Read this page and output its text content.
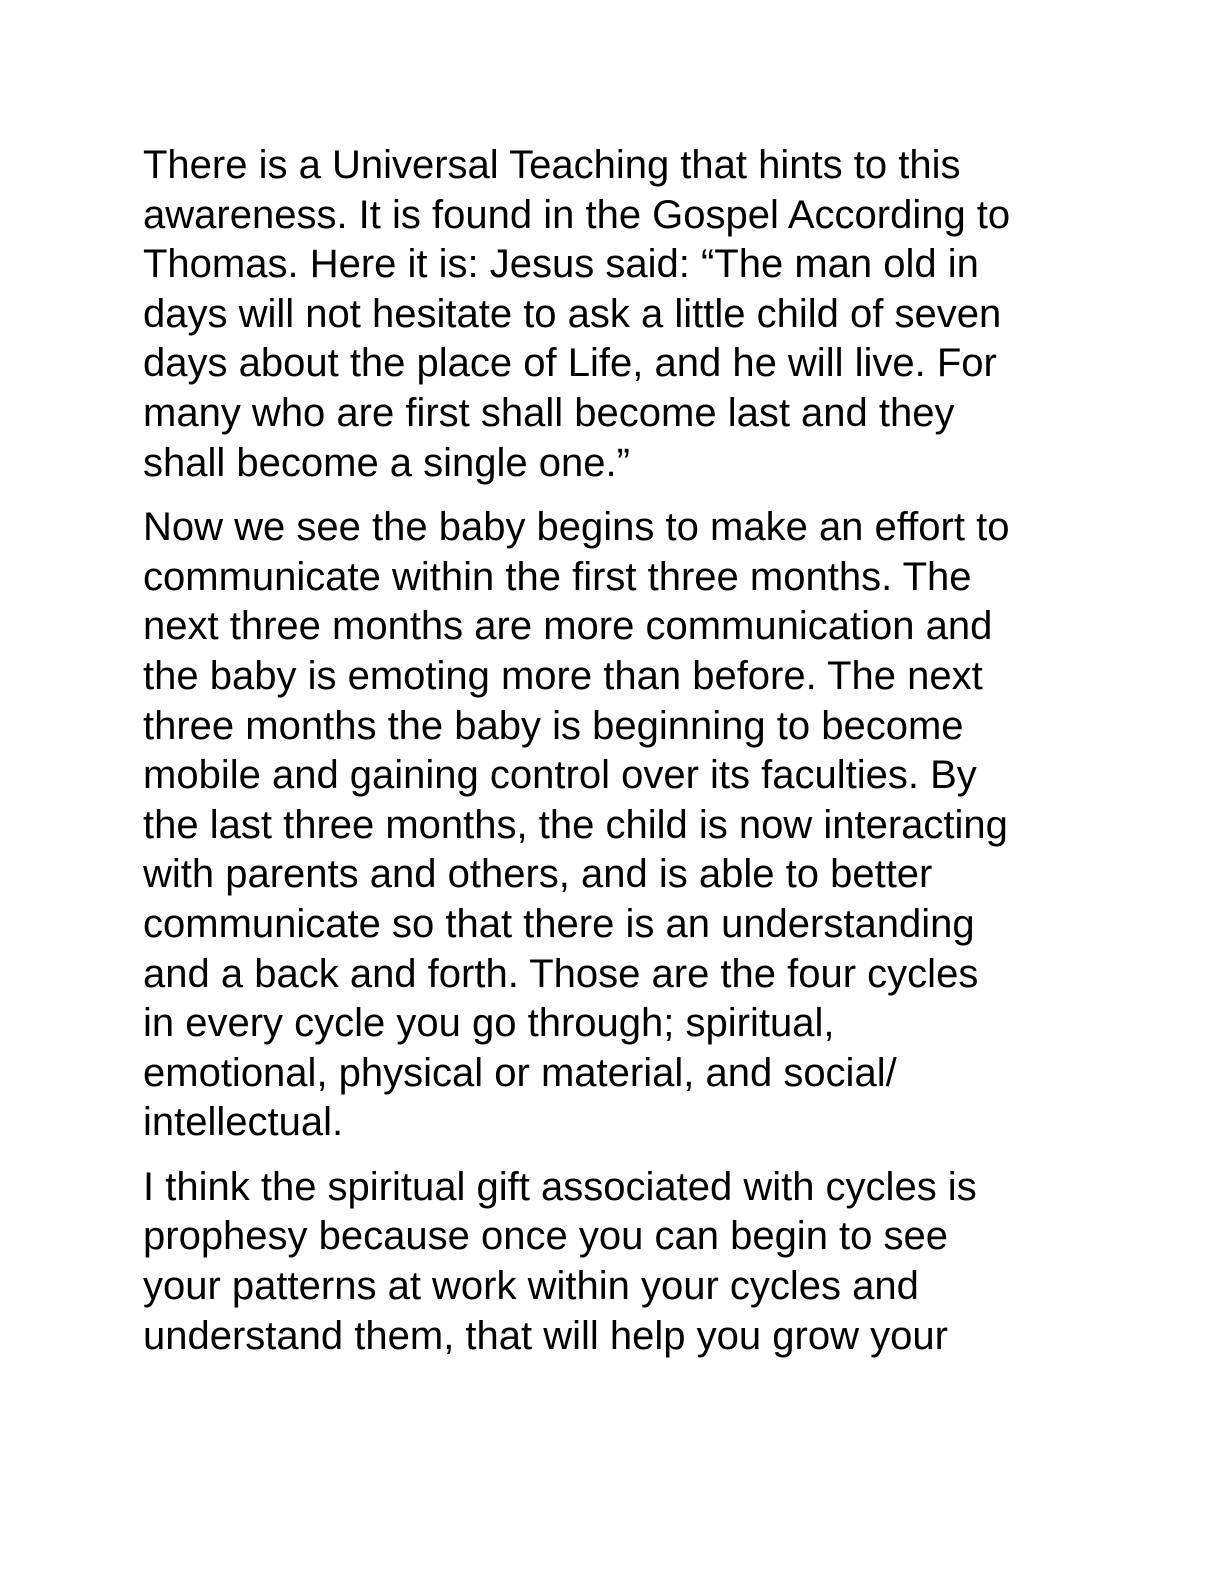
There is a Universal Teaching that hints to this
awareness. It is found in the Gospel According to
Thomas. Here it is: Jesus said: “The man old in
days will not hesitate to ask a little child of seven
days about the place of Life, and he will live. For
many who are first shall become last and they
shall become a single one.”

Now we see the baby begins to make an effort to
communicate within the first three months. The
next three months are more communication and
the baby is emoting more than before. The next
three months the baby is beginning to become
mobile and gaining control over its faculties. By
the last three months, the child is now interacting
with parents and others, and is able to better
communicate so that there is an understanding
and a back and forth. Those are the four cycles
in every cycle you go through; spiritual,
emotional, physical or material, and social/
intellectual.

I think the spiritual gift associated with cycles is
prophesy because once you can begin to see
your patterns at work within your cycles and
understand them, that will help you grow your
